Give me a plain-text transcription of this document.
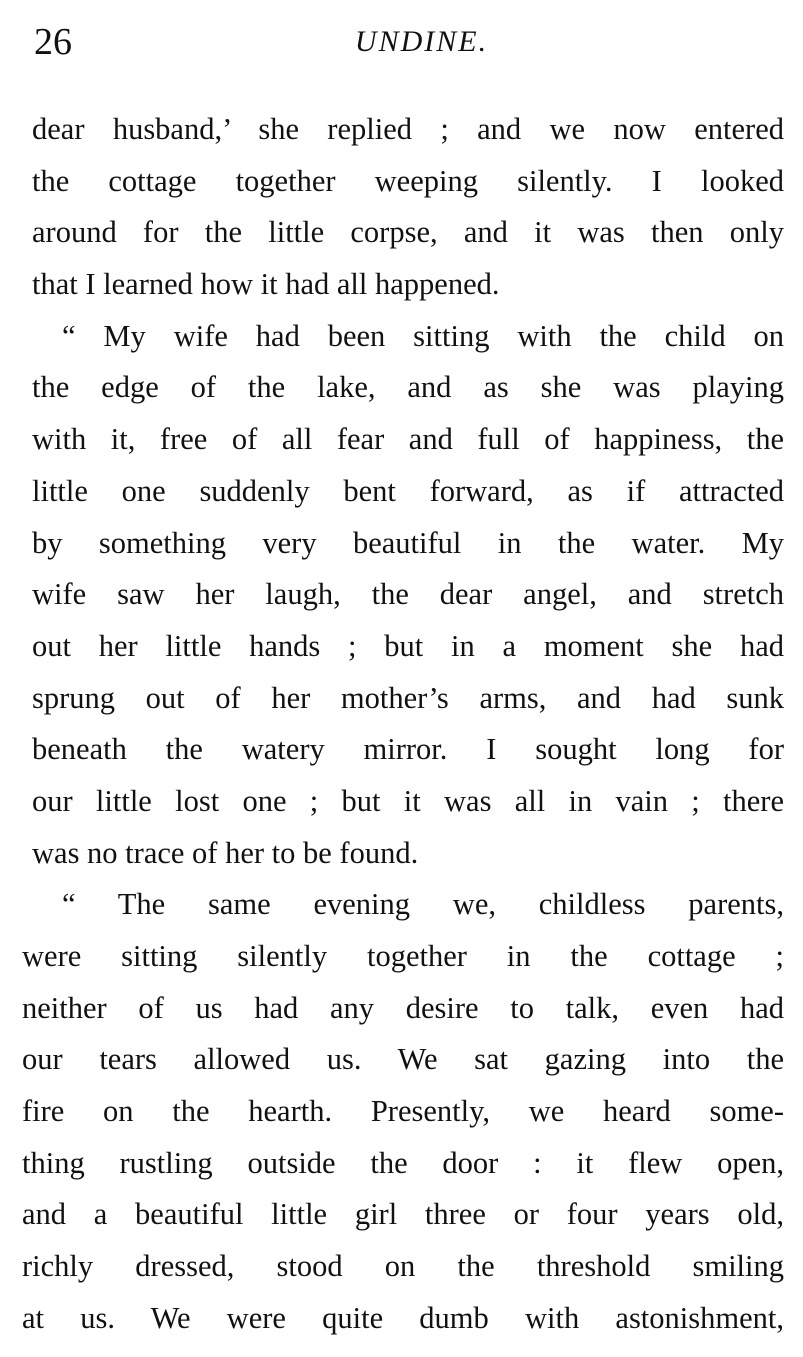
26	UNDINE.
dear husband,’ she replied ; and we now entered
the cottage together weeping silently. I looked
around for the little corpse, and it was then only
that I learned how it had all happened.
“ My wife had been sitting with the child on
the edge of the lake, and as she was playing
with it, free of all fear and full of happiness, the
little one suddenly bent forward, as if attracted
by something very beautiful in the water. My
wife saw her laugh, the dear angel, and stretch
out her little hands ; but in a moment she had
sprung out of her mother’s arms, and had sunk
beneath the watery mirror. I sought long for
our little lost one ; but it was all in vain ; there
was no trace of her to be found.
“ The same evening we, childless parents,
were sitting silently together in the cottage ;
neither of us had any desire to talk, even had
our tears allowed us. We sat gazing into the
fire on the hearth. Presently, we heard some-
thing rustling outside the door : it flew open,
and a beautiful little girl three or four years old,
richly dressed, stood on the threshold smiling
at us. We were quite dumb with astonishment,
